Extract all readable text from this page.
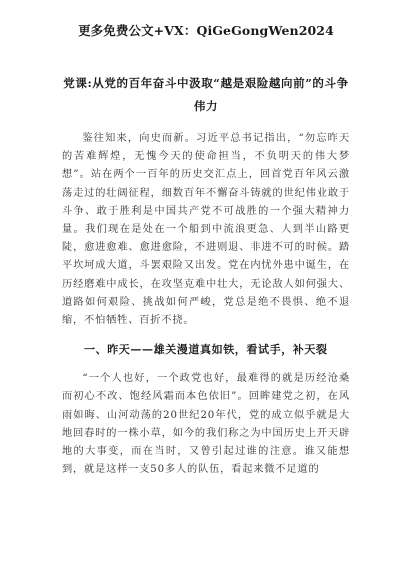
更多免费公文+VX：QiGeGongWen2024
党课:从党的百年奋斗中汲取“越是艰险越向前”的斗争伟力
鉴往知来，向史而新。习近平总书记指出，“勿忘昨天的苦难辉煌，无愧今天的使命担当，不负明天的伟大梦想”。站在两个一百年的历史交汇点上，回首党百年风云激荡走过的壮阔征程，细数百年不懈奋斗铸就的世纪伟业敢于斗争、敢于胜利是中国共产党不可战胜的一个强大精神力量。我们现在是处在一个船到中流浪更急、人到半山路更陡，愈进愈难、愈进愈险，不进则退、非进不可的时候。踏平坎坷成大道，斗罢艰险又出发。党在内忧外患中诞生，在历经磨难中成长，在攻坚克难中壮大，无论敌人如何强大、道路如何艰险、挑战如何严峻，党总是绝不畏惧、绝不退缩，不怕牺牲、百折不挠。
一、昨天——雄关漫道真如铁，看试手，补天裂
“一个人也好，一个政党也好，最难得的就是历经沧桑而初心不改、饱经风霜而本色依旧”。回眸建党之初，在风雨如晦、山河动荡的20世纪20年代，党的成立似乎就是大地回春时的一株小草，如今的我们称之为中国历史上开天辟地的大事变，而在当时，又曾引起过谁的注意。谁又能想到，就是这样一支50多人的队伍，看起来微不足道的
